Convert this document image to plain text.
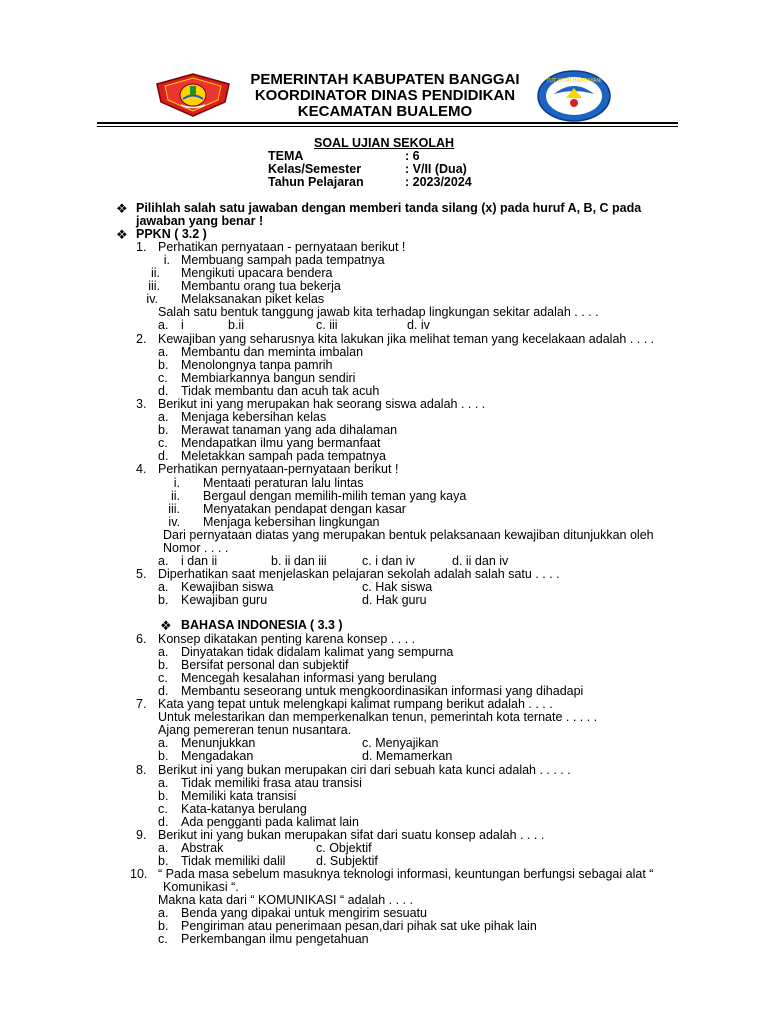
TUT WURI HANDAYANI
PEMERINTAH KABUPATEN BANGGAI
KOORDINATOR DINAS PENDIDIKAN
KECAMATAN BUALEMO
SOAL UJIAN SEKOLAH
TEMA	: 6
Kelas/Semester	: V/II (Dua)
Tahun Pelajaran	: 2023/2024
❖ Pilihlah salah satu jawaban dengan memberi tanda silang (x) pada huruf A, B, C pada
jawaban yang benar !
❖ PPKN ( 3.2 )
1. Perhatikan pernyataan - pernyataan berikut !
i. Membuang sampah pada tempatnya
ii. Mengikuti upacara bendera
iii. Membantu orang tua bekerja
iv. Melaksanakan piket kelas
Salah satu bentuk tanggung jawab kita terhadap lingkungan sekitar adalah . . . .
a. i	b.ii	c. iii	d. iv
2. Kewajiban yang seharusnya kita lakukan jika melihat teman yang kecelakaan adalah . . . .
a. Membantu dan meminta imbalan
b. Menolongnya tanpa pamrih
c. Membiarkannya bangun sendiri
d. Tidak membantu dan acuh tak acuh
3. Berikut ini yang merupakan hak seorang siswa adalah . . . .
a. Menjaga kebersihan kelas
b. Merawat tanaman yang ada dihalaman
c. Mendapatkan ilmu yang bermanfaat
d. Meletakkan sampah pada tempatnya
4. Perhatikan pernyataan-pernyataan berikut !
i. Mentaati peraturan lalu lintas
ii. Bergaul dengan memilih-milih teman yang kaya
iii. Menyatakan pendapat dengan kasar
iv. Menjaga kebersihan lingkungan
Dari pernyataan diatas yang merupakan bentuk pelaksanaan kewajiban ditunjukkan oleh
Nomor . . . .
a. i dan ii	b. ii dan iii	c. i dan iv	d. ii dan iv
5. Diperhatikan saat menjelaskan pelajaran sekolah adalah salah satu . . . .
a. Kewajiban siswa	c. Hak siswa
b. Kewajiban guru	d. Hak guru
❖ BAHASA INDONESIA ( 3.3 )
6. Konsep dikatakan penting karena konsep . . . .
a. Dinyatakan tidak didalam kalimat yang sempurna
b. Bersifat personal dan subjektif
c. Mencegah kesalahan informasi yang berulang
d. Membantu seseorang untuk mengkoordinasikan informasi yang dihadapi
7. Kata yang tepat untuk melengkapi kalimat rumpang berikut adalah . . . .
Untuk melestarikan dan memperkenalkan tenun, pemerintah kota ternate . . . . .
Ajang pemereran tenun nusantara.
a. Menunjukkan	c. Menyajikan
b. Mengadakan	d. Memamerkan
8. Berikut ini yang bukan merupakan ciri dari sebuah kata kunci adalah . . . . .
a. Tidak memiliki frasa atau transisi
b. Memiliki kata transisi
c. Kata-katanya berulang
d. Ada pengganti pada kalimat lain
9. Berikut ini yang bukan merupakan sifat dari suatu konsep adalah . . . .
a. Abstrak	c. Objektif
b. Tidak memiliki dalil d. Subjektif
10. “ Pada masa sebelum masuknya teknologi informasi, keuntungan berfungsi sebagai alat “
Komunikasi “.
Makna kata dari “ KOMUNIKASI “ adalah . . . .
a. Benda yang dipakai untuk mengirim sesuatu
b. Pengiriman atau penerimaan pesan,dari pihak sat uke pihak lain
c. Perkembangan ilmu pengetahuan
